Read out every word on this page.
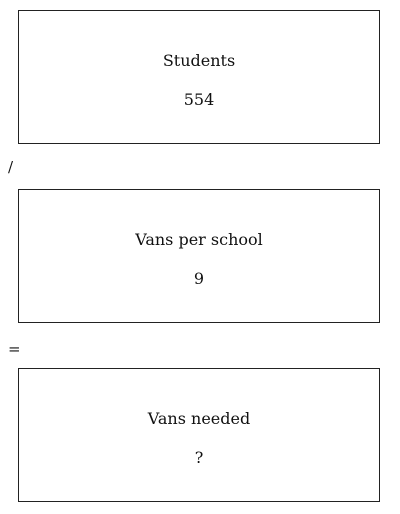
Students
554
/
Vans per school
9
=
Vans needed
?
